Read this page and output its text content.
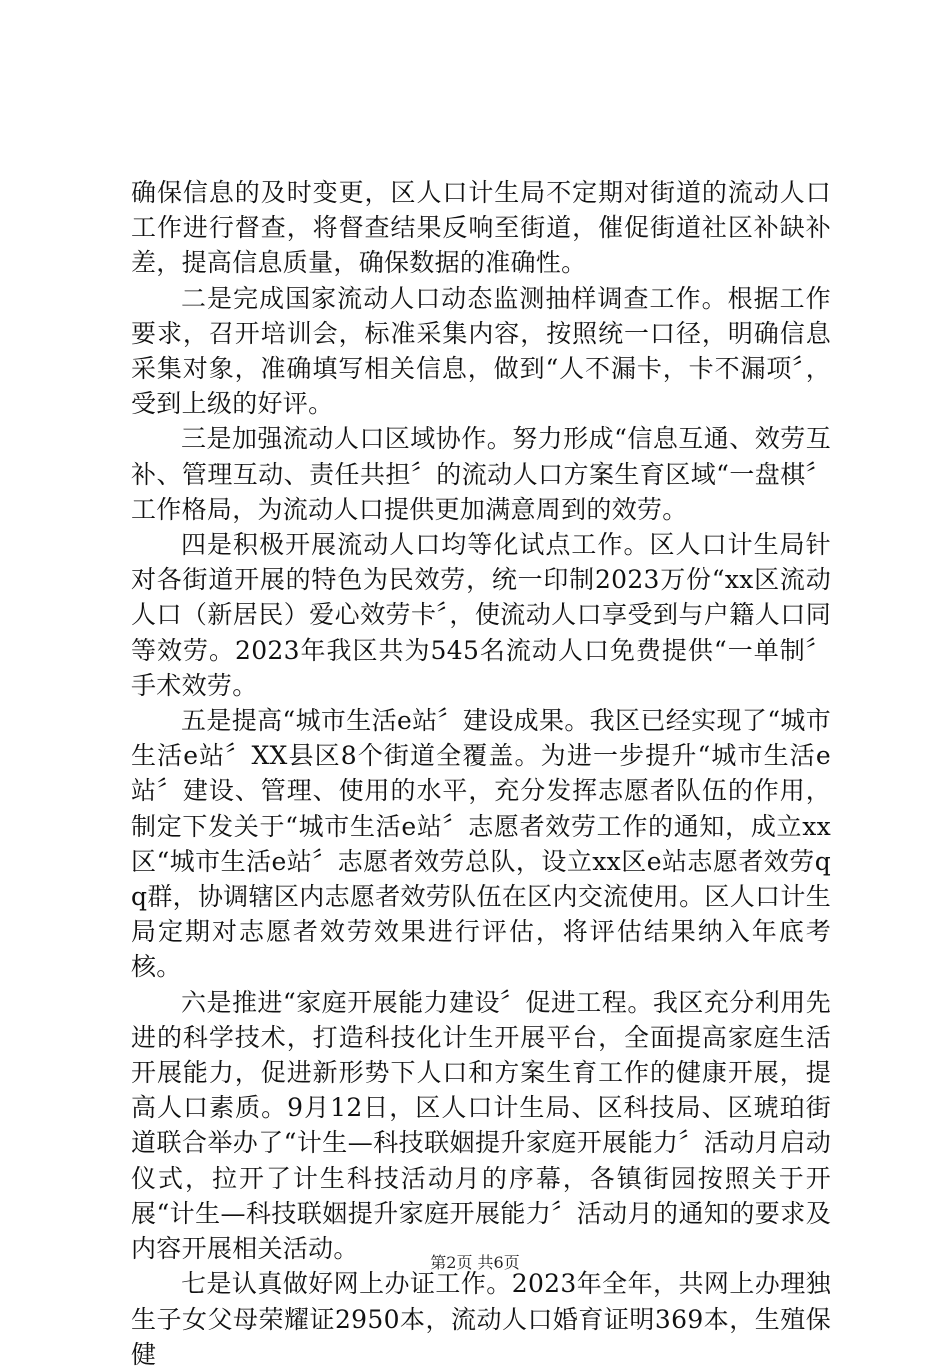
确保信息的及时变更，区人口计生局不定期对街道的流动人口工作进行督查，将督查结果反响至街道，催促街道社区补缺补差，提高信息质量，确保数据的准确性。

二是完成国家流动人口动态监测抽样调查工作。根据工作要求，召开培训会，标准采集内容，按照统一口径，明确信息采集对象，准确填写相关信息，做到“人不漏卡，卡不漏项〞，受到上级的好评。

三是加强流动人口区域协作。努力形成“信息互通、效劳互补、管理互动、责任共担〞的流动人口方案生育区域“一盘棋〞工作格局，为流动人口提供更加满意周到的效劳。

四是积极开展流动人口均等化试点工作。区人口计生局针对各街道开展的特色为民效劳，统一印制2023万份“xx区流动人口（新居民）爱心效劳卡〞，使流动人口享受到与户籍人口同等效劳。2023年我区共为545名流动人口免费提供“一单制〞手术效劳。

五是提高“城市生活e站〞建设成果。我区已经实现了“城市生活e站〞XX县区8个街道全覆盖。为进一步提升“城市生活e站〞建设、管理、使用的水平，充分发挥志愿者队伍的作用，制定下发关于“城市生活e站〞志愿者效劳工作的通知，成立xx区“城市生活e站〞志愿者效劳总队，设立xx区e站志愿者效劳qq群，协调辖区内志愿者效劳队伍在区内交流使用。区人口计生局定期对志愿者效劳效果进行评估，将评估结果纳入年底考核。

六是推进“家庭开展能力建设〞促进工程。我区充分利用先进的科学技术，打造科技化计生开展平台，全面提高家庭生活开展能力，促进新形势下人口和方案生育工作的健康开展，提高人口素质。9月12日，区人口计生局、区科技局、区琥珀街道联合举办了“计生—科技联姻提升家庭开展能力〞活动月启动仪式，拉开了计生科技活动月的序幕，各镇街园按照关于开展“计生—科技联姻提升家庭开展能力〞活动月的通知的要求及内容开展相关活动。

七是认真做好网上办证工作。2023年全年，共网上办理独生子女父母荣耀证2950本，流动人口婚育证明369本，生殖保健

第2页 共6页
